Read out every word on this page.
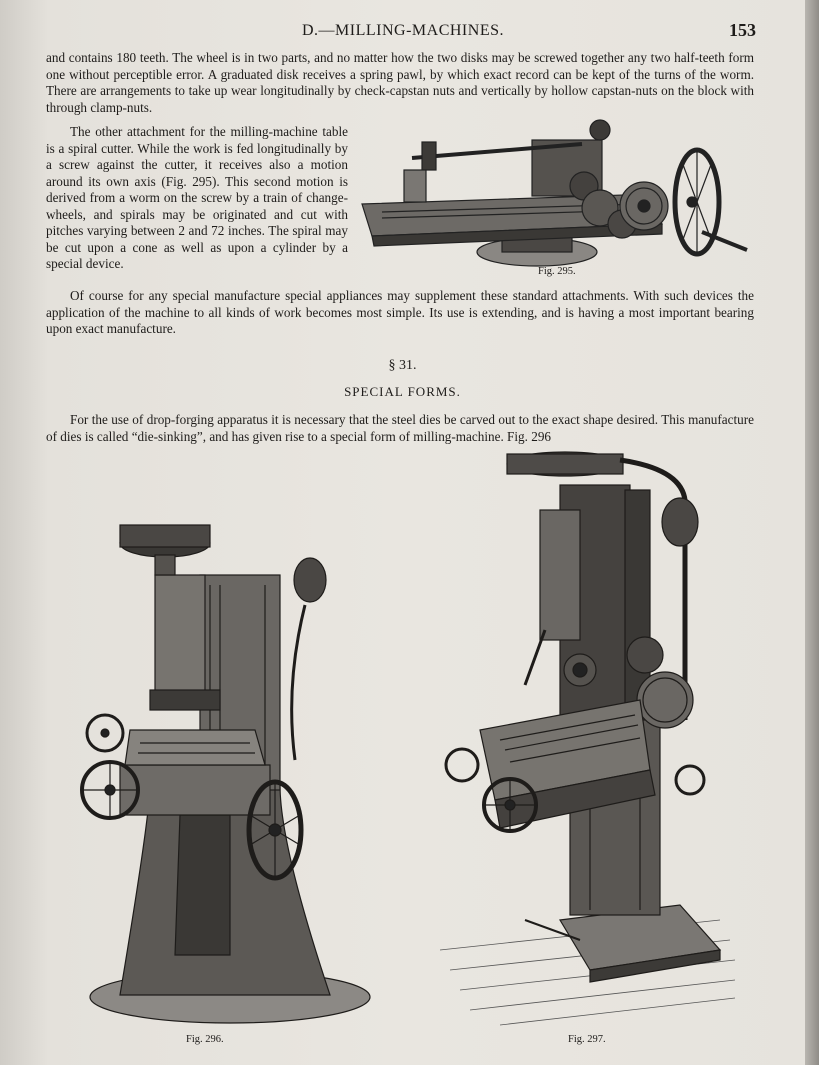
D.—MILLING-MACHINES.	153
and contains 180 teeth. The wheel is in two parts, and no matter how the two disks may be screwed together any two half-teeth form one without perceptible error. A graduated disk receives a spring pawl, by which exact record can be kept of the turns of the worm. There are arrangements to take up wear longitudinally by check-capstan nuts and vertically by hollow capstan-nuts on the block with through clamp-nuts.
The other attachment for the milling-machine table is a spiral cutter. While the work is fed longitudinally by a screw against the cutter, it receives also a motion around its own axis (Fig. 295). This second motion is derived from a worm on the screw by a train of change-wheels, and spirals may be originated and cut with pitches varying between 2 and 72 inches. The spiral may be cut upon a cone as well as upon a cylinder by a special device.
Fig. 295.
Of course for any special manufacture special appliances may supplement these standard attachments. With such devices the application of the machine to all kinds of work becomes most simple. Its use is extending, and is having a most important bearing upon exact manufacture.
§ 31.
SPECIAL FORMS.
For the use of drop-forging apparatus it is necessary that the steel dies be carved out to the exact shape desired. This manufacture of dies is called “die-sinking”, and has given rise to a special form of milling-machine. Fig. 296
Fig. 296.	Fig. 297.
